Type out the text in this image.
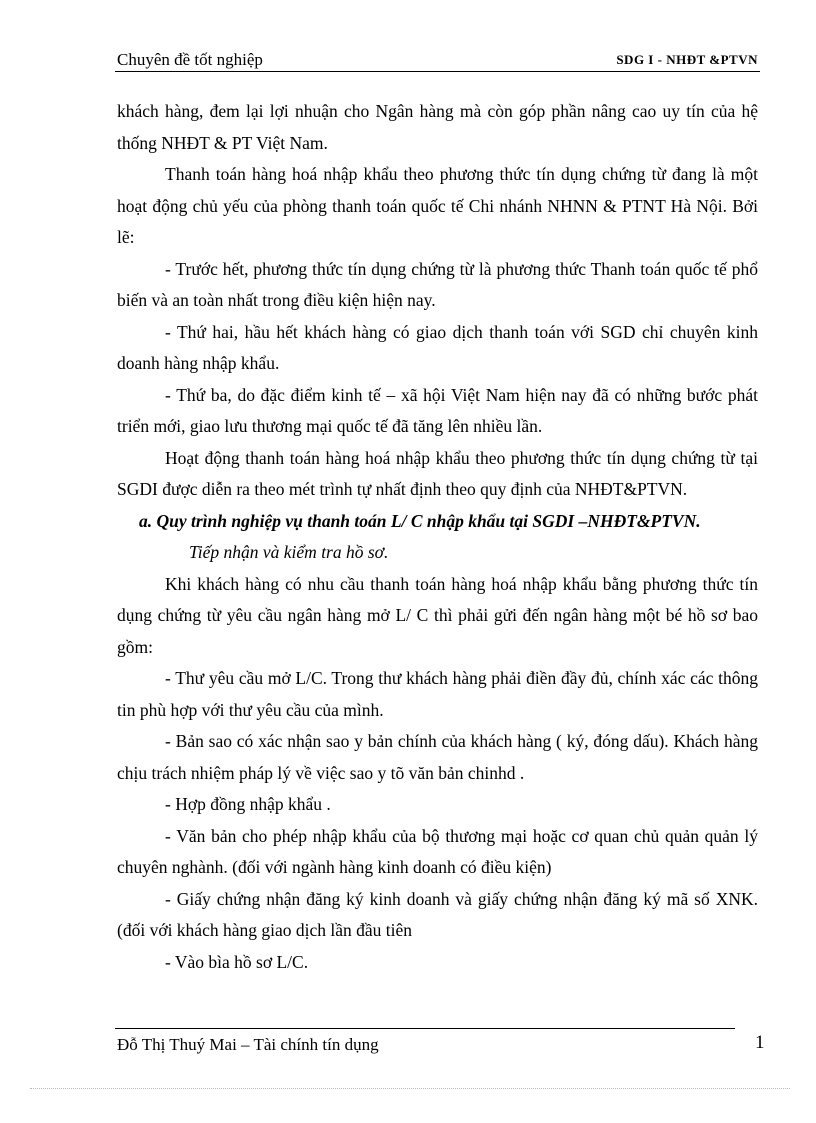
Chuyên đề tốt nghiệp	SDG I - NHĐT &PTVN

khách hàng, đem lại lợi nhuận cho Ngân hàng mà còn góp phần nâng cao uy tín của hệ thống NHĐT & PT Việt Nam.

Thanh toán hàng hoá nhập khẩu theo phương thức tín dụng chứng từ đang là một hoạt động chủ yếu của phòng thanh toán quốc tế Chi nhánh NHNN & PTNT Hà Nội. Bởi lẽ:

- Trước hết, phương thức tín dụng chứng từ là phương thức Thanh toán quốc tế phổ biến và an toàn nhất trong điều kiện hiện nay.

- Thứ hai, hầu hết khách hàng có giao dịch thanh toán với SGD chỉ chuyên kinh doanh hàng nhập khẩu.

- Thứ ba, do đặc điểm kinh tế – xã hội Việt Nam hiện nay đã có những bước phát triển mới, giao lưu thương mại quốc tế đã tăng lên nhiều lần.

Hoạt động thanh toán hàng hoá nhập khẩu theo phương thức tín dụng chứng từ tại SGDI được diễn ra theo mét trình tự nhất định theo quy định của NHĐT&PTVN.

a. Quy trình nghiệp vụ thanh toán L/ C nhập khẩu tại SGDI –NHĐT&PTVN.

Tiếp nhận và kiểm tra hồ sơ.

Khi khách hàng có nhu cầu thanh toán hàng hoá nhập khẩu bằng phương thức tín dụng chứng từ yêu cầu ngân hàng mở L/ C thì phải gửi đến ngân hàng một bé hồ sơ bao gồm:

- Thư yêu cầu mở L/C. Trong thư khách hàng phải điền đầy đủ, chính xác các thông tin phù hợp với thư yêu cầu của mình.

- Bản sao có xác nhận sao y bản chính của khách hàng ( ký, đóng dấu). Khách hàng chịu trách nhiệm pháp lý về việc sao y tõ văn bản chinhd .

- Hợp đồng nhập khẩu .

- Văn bản cho phép nhập khẩu của bộ thương mại hoặc cơ quan chủ quản quản lý chuyên nghành. (đối với ngành hàng kinh doanh có điều kiện)

- Giấy chứng nhận đăng ký kinh doanh và giấy chứng nhận đăng ký mã số XNK. (đối với khách hàng giao dịch lần đầu tiên

- Vào bìa hồ sơ L/C.

Đỗ Thị Thuý Mai – Tài chính tín dụng	1
